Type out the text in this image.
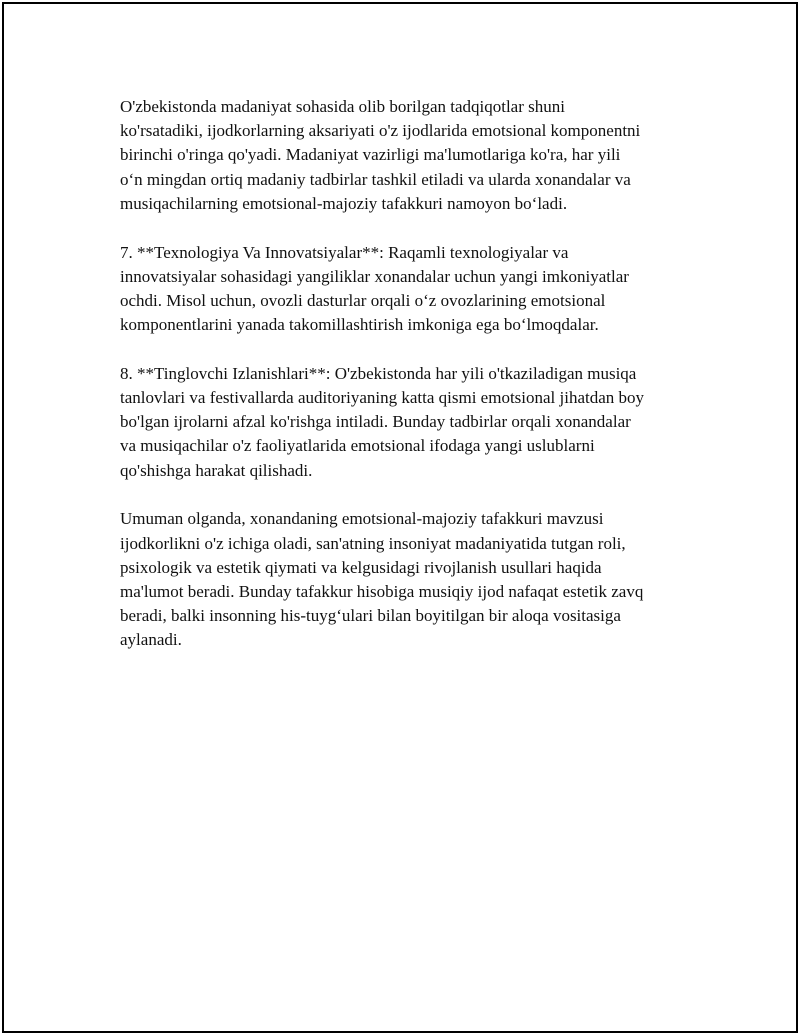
O'zbekistonda madaniyat sohasida olib borilgan tadqiqotlar shuni
ko'rsatadiki, ijodkorlarning aksariyati o'z ijodlarida emotsional komponentni
birinchi o'ringa qo'yadi. Madaniyat vazirligi ma'lumotlariga ko'ra, har yili
o‘n mingdan ortiq madaniy tadbirlar tashkil etiladi va ularda xonandalar va
musiqachilarning emotsional-majoziy tafakkuri namoyon bo‘ladi.

7. **Texnologiya Va Innovatsiyalar**: Raqamli texnologiyalar va
innovatsiyalar sohasidagi yangiliklar xonandalar uchun yangi imkoniyatlar
ochdi. Misol uchun, ovozli dasturlar orqali o‘z ovozlarining emotsional
komponentlarini yanada takomillashtirish imkoniga ega bo‘lmoqdalar.

8. **Tinglovchi Izlanishlari**: O'zbekistonda har yili o'tkaziladigan musiqa
tanlovlari va festivallarda auditoriyaning katta qismi emotsional jihatdan boy
bo'lgan ijrolarni afzal ko'rishga intiladi. Bunday tadbirlar orqali xonandalar
va musiqachilar o'z faoliyatlarida emotsional ifodaga yangi uslublarni
qo'shishga harakat qilishadi.

Umuman olganda, xonandaning emotsional-majoziy tafakkuri mavzusi
ijodkorlikni o'z ichiga oladi, san'atning insoniyat madaniyatida tutgan roli,
psixologik va estetik qiymati va kelgusidagi rivojlanish usullari haqida
ma'lumot beradi. Bunday tafakkur hisobiga musiqiy ijod nafaqat estetik zavq
beradi, balki insonning his-tuyg‘ulari bilan boyitilgan bir aloqa vositasiga
aylanadi.
